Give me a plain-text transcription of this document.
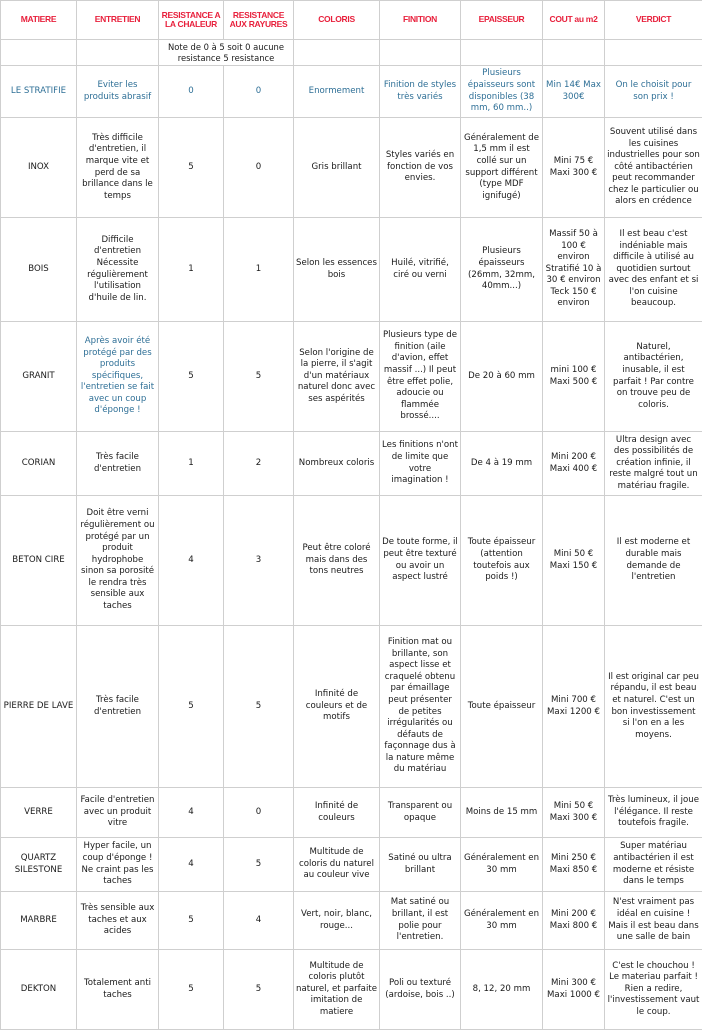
MATIERE	ENTRETIEN	RESISTANCE A LA CHALEUR	RESISTANCE AUX RAYURES	COLORIS	FINITION	EPAISSEUR	COUT au m2	VERDICT
		Note de 0 à 5 soit 0 aucune resistance 5 resistance						
LE STRATIFIE	Eviter les produits abrasif	0	0	Enormement	Finition de styles très variés	Plusieurs épaisseurs sont disponibles (38 mm, 60 mm..)	Min 14€ Max 300€	On le choisit pour son prix !
INOX	Très difficile d'entretien, il marque vite et perd de sa brillance dans le temps	5	0	Gris brillant	Styles variés en fonction de vos envies.	Généralement de 1,5 mm il est collé sur un support différent (type MDF ignifugé)	Mini 75 € Maxi 300 €	Souvent utilisé dans les cuisines industrielles pour son côté antibactérien peut recommander chez le particulier ou alors en crédence
BOIS	Difficile d'entretien Nécessite régulièrement l'utilisation d'huile de lin.	1	1	Selon les essences bois	Huilé, vitrifié, ciré ou verni	Plusieurs épaisseurs (26mm, 32mm, 40mm...)	Massif 50 à 100 € environ Stratifié 10 à 30 € environ Teck 150 € environ	Il est beau c'est indéniable mais difficile à utilisé au quotidien surtout avec des enfant et si l'on cuisine beaucoup.
GRANIT	Après avoir été protégé par des produits spécifiques, l'entretien se fait avec un coup d'éponge !	5	5	Selon l'origine de la pierre, il s'agit d'un matériaux naturel donc avec ses aspérités	Plusieurs type de finition (aile d'avion, effet massif ...) Il peut être effet polie, adoucie ou flammée brossé....	De 20 à 60 mm	mini 100 € Maxi 500 €	Naturel, antibactérien, inusable, il est parfait ! Par contre on trouve peu de coloris.
CORIAN	Très facile d'entretien	1	2	Nombreux coloris	Les finitions n'ont de limite que votre imagination !	De 4 à 19 mm	Mini 200 € Maxi 400 €	Ultra design avec des possibilités de création infinie, il reste malgré tout un matériau fragile.
BETON CIRE	Doit être verni régulièrement ou protégé par un produit hydrophobe sinon sa porosité le rendra très sensible aux taches	4	3	Peut être coloré mais dans des tons neutres	De toute forme, il peut être texturé ou avoir un aspect lustré	Toute épaisseur (attention toutefois aux poids !)	Mini 50 € Maxi 150 €	Il est moderne et durable mais demande de l'entretien
PIERRE DE LAVE	Très facile d'entretien	5	5	Infinité de couleurs et de motifs	Finition mat ou brillante, son aspect lisse et craquelé obtenu par émaillage peut présenter de petites irrégularités ou défauts de façonnage dus à la nature même du matériau	Toute épaisseur	Mini 700 € Maxi 1200 €	Il est original car peu répandu, il est beau et naturel. C'est un bon investissement si l'on en a les moyens.
VERRE	Facile d'entretien avec un produit vitre	4	0	Infinité de couleurs	Transparent ou opaque	Moins de 15 mm	Mini 50 € Maxi 300 €	Très lumineux, il joue l'élégance. Il reste toutefois fragile.
QUARTZ SILESTONE	Hyper facile, un coup d'éponge ! Ne craint pas les taches	4	5	Multitude de coloris du naturel au couleur vive	Satiné ou ultra brillant	Généralement en 30 mm	Mini 250 € Maxi 850 €	Super matériau antibactérien il est moderne et résiste dans le temps
MARBRE	Très sensible aux taches et aux acides	5	4	Vert, noir, blanc, rouge...	Mat satiné ou brillant, il est polie pour l'entretien.	Généralement en 30 mm	Mini 200 € Maxi 800 €	N'est vraiment pas idéal en cuisine ! Mais il est beau dans une salle de bain
DEKTON	Totalement anti taches	5	5	Multitude de coloris plutôt naturel, et parfaite imitation de matiere	Poli ou texturé (ardoise, bois ..)	8, 12, 20 mm	Mini 300 € Maxi 1000 €	C'est le chouchou ! Le materiau parfait ! Rien a redire, l'investissement vaut le coup.
